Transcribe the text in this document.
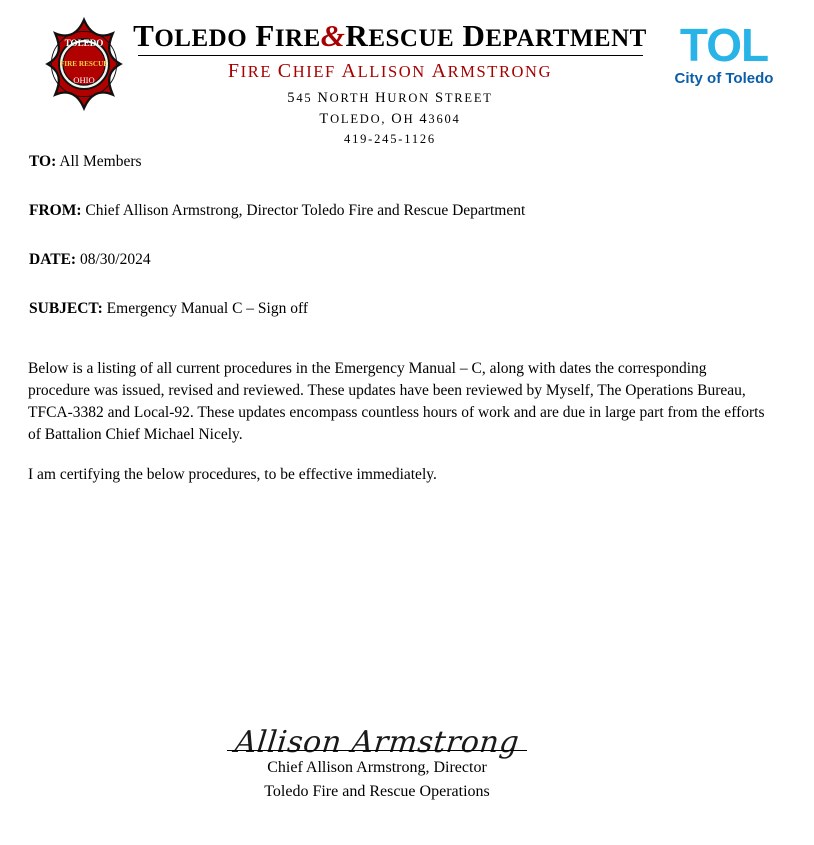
TOLEDO
FIRE RESCUE
OHIO
TOLEDO FIRE&RESCUE DEPARTMENT
FIRE CHIEF ALLISON ARMSTRONG
545 NORTH HURON STREET
TOLEDO, OH 43604
419-245-1126
TOL
City of Toledo

TO: All Members

FROM: Chief Allison Armstrong, Director Toledo Fire and Rescue Department

DATE: 08/30/2024

SUBJECT: Emergency Manual C – Sign off

Below is a listing of all current procedures in the Emergency Manual – C, along with dates the corresponding procedure was issued, revised and reviewed. These updates have been reviewed by Myself, The Operations Bureau, TFCA-3382 and Local-92. These updates encompass countless hours of work and are due in large part from the efforts of Battalion Chief Michael Nicely.

I am certifying the below procedures, to be effective immediately.

Allison Armstrong
Chief Allison Armstrong, Director
Toledo Fire and Rescue Operations
